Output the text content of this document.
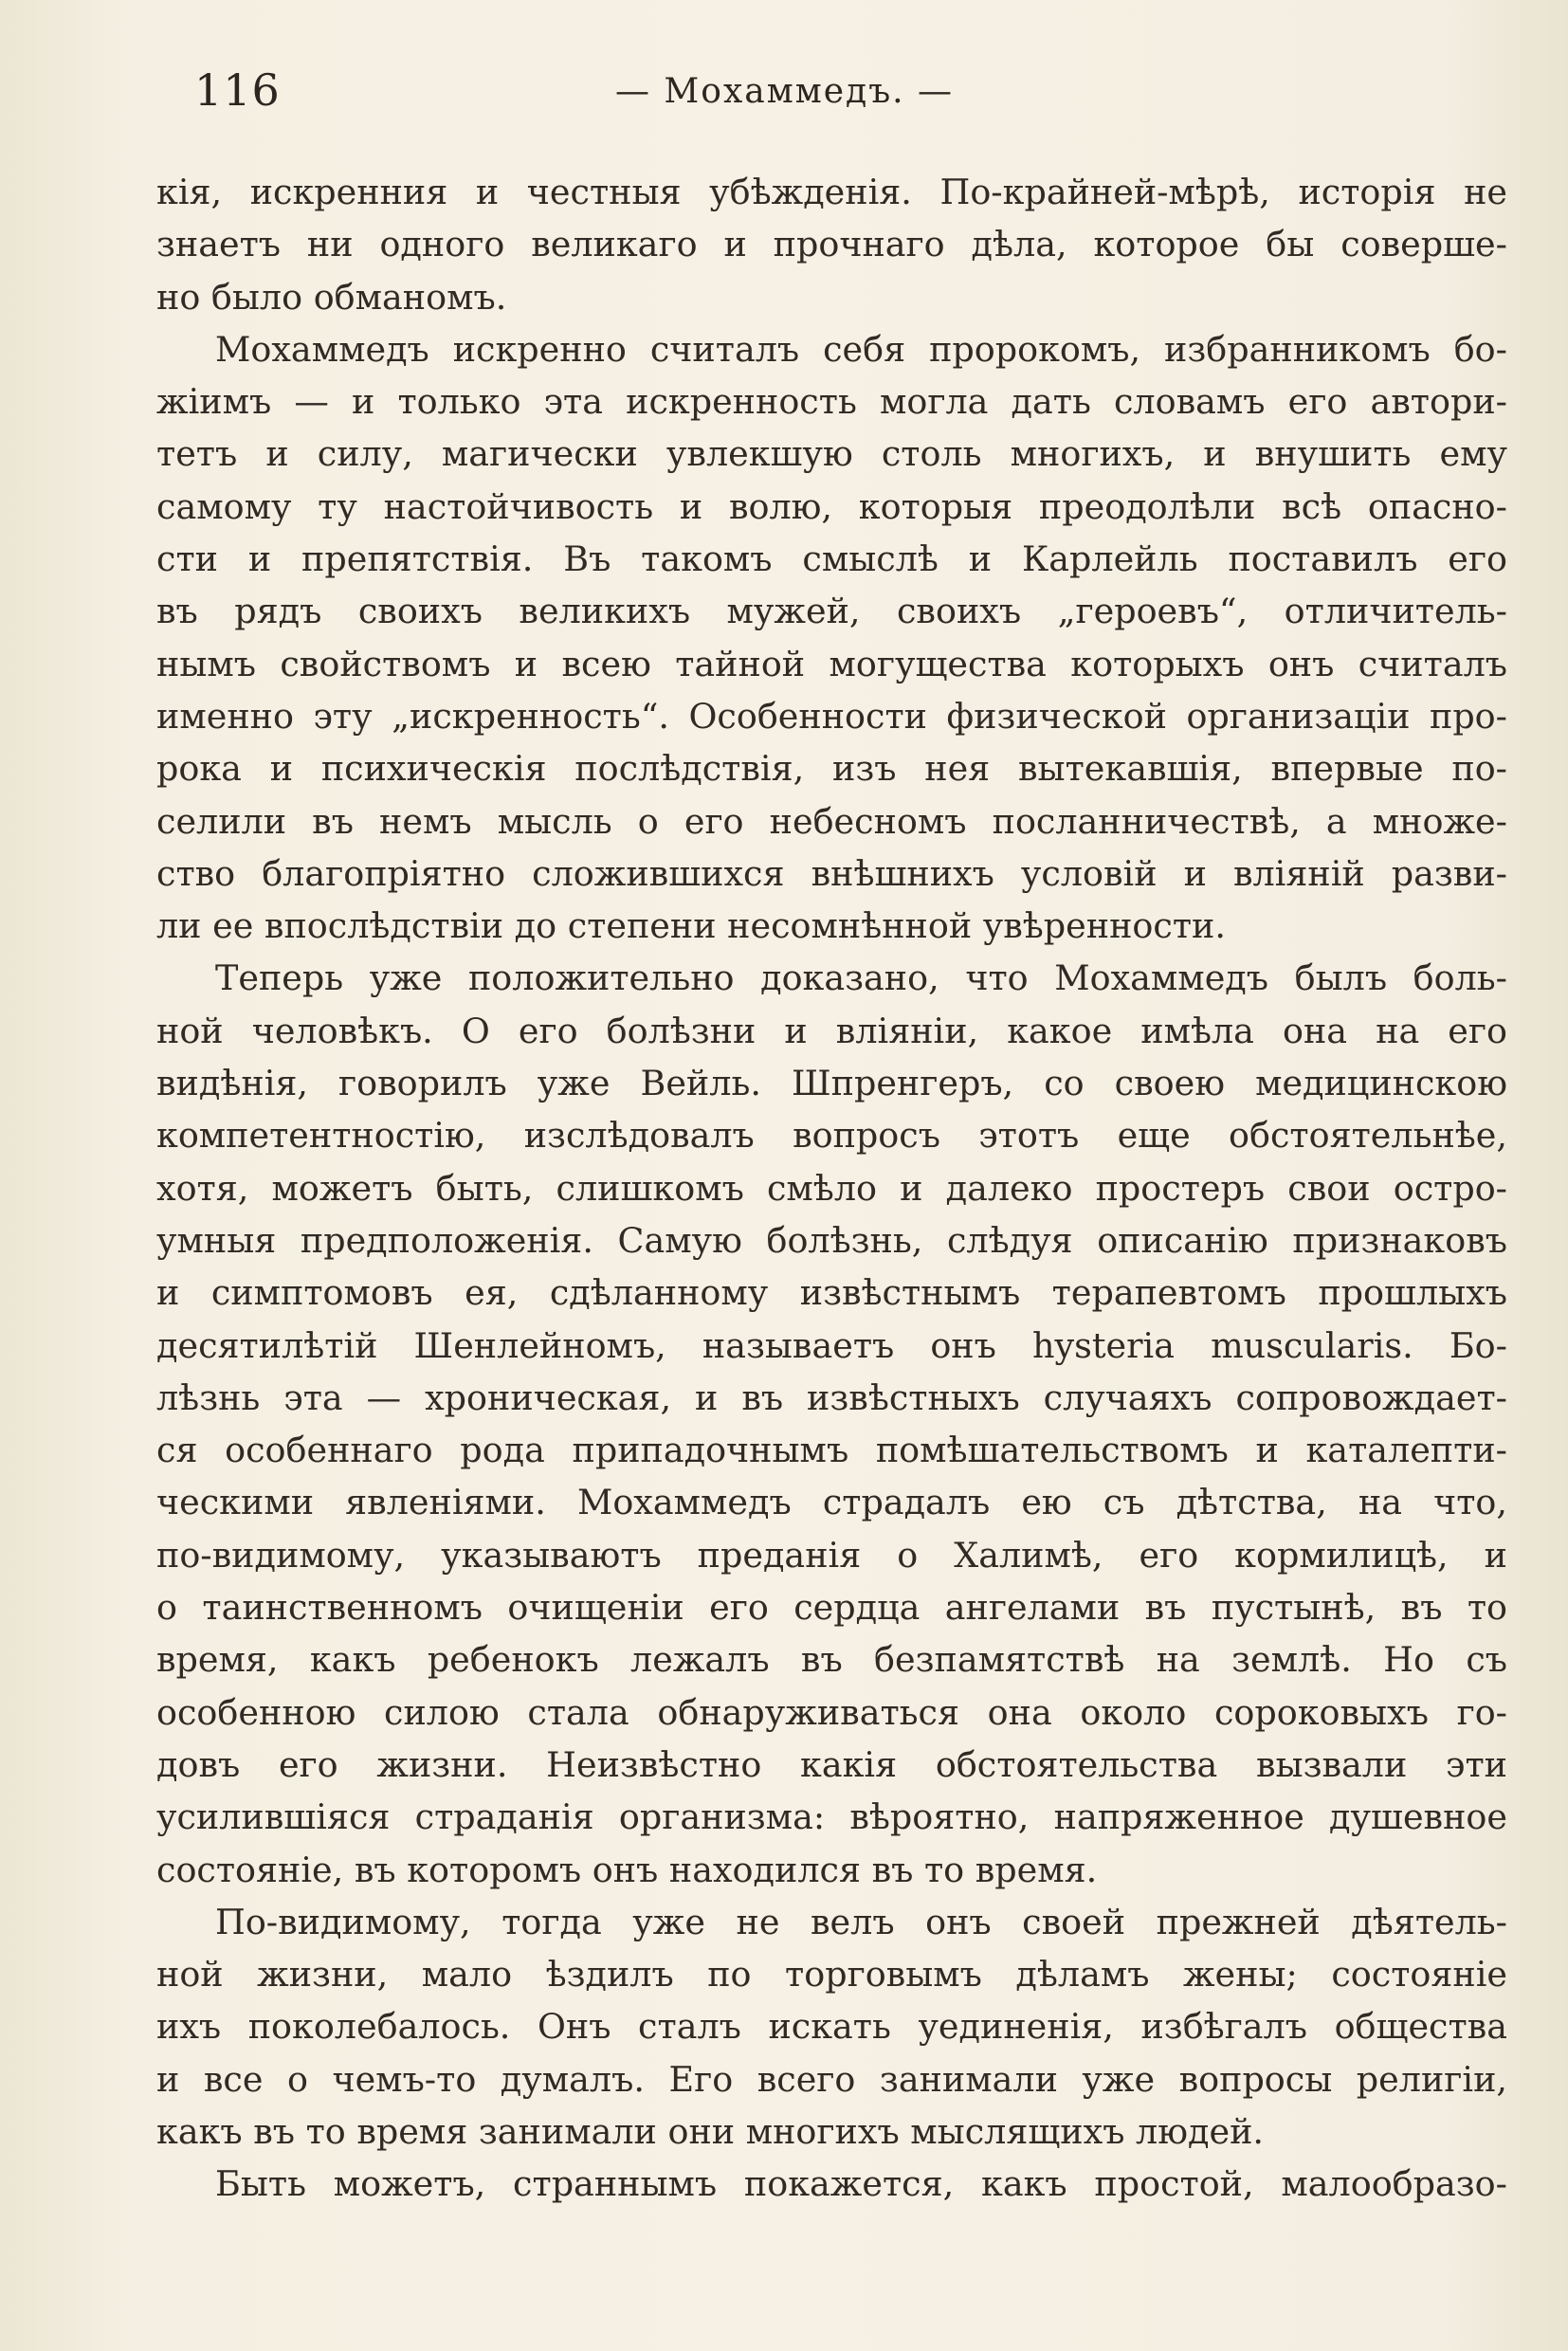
116	— Мохаммедъ. —
кія, искренния и честныя убѣжденія. По-крайней-мѣрѣ, исторія не
знаетъ ни одного великаго и прочнаго дѣла, которое бы соверше-
но было обманомъ.
Мохаммедъ искренно считалъ себя пророкомъ, избранникомъ бо-
жіимъ — и только эта искренность могла дать словамъ его автори-
тетъ и силу, магически увлекшую столь многихъ, и внушить ему
самому ту настойчивость и волю, которыя преодолѣли всѣ опасно-
сти и препятствія. Въ такомъ смыслѣ и Карлейль поставилъ его
въ рядъ своихъ великихъ мужей, своихъ „героевъ“, отличитель-
нымъ свойствомъ и всею тайной могущества которыхъ онъ считалъ
именно эту „искренность“. Особенности физической организаціи про-
рока и психическія послѣдствія, изъ нея вытекавшія, впервые по-
селили въ немъ мысль о его небесномъ посланничествѣ, а множе-
ство благопріятно сложившихся внѣшнихъ условій и вліяній разви-
ли ее впослѣдствіи до степени несомнѣнной увѣренности.
Теперь уже положительно доказано, что Мохаммедъ былъ боль-
ной человѣкъ. О его болѣзни и вліяніи, какое имѣла она на его
видѣнія, говорилъ уже Вейль. Шпренгеръ, со своею медицинскою
компетентностію, изслѣдовалъ вопросъ этотъ еще обстоятельнѣе,
хотя, можетъ быть, слишкомъ смѣло и далеко простеръ свои остро-
умныя предположенія. Самую болѣзнь, слѣдуя описанію признаковъ
и симптомовъ ея, сдѣланному извѣстнымъ терапевтомъ прошлыхъ
десятилѣтій Шенлейномъ, называетъ онъ hysteria muscularis. Бо-
лѣзнь эта — хроническая, и въ извѣстныхъ случаяхъ сопровождает-
ся особеннаго рода припадочнымъ помѣшательствомъ и каталепти-
ческими явленіями. Мохаммедъ страдалъ ею съ дѣтства, на что,
по-видимому, указываютъ преданія о Халимѣ, его кормилицѣ, и
о таинственномъ очищеніи его сердца ангелами въ пустынѣ, въ то
время, какъ ребенокъ лежалъ въ безпамятствѣ на землѣ. Но съ
особенною силою стала обнаруживаться она около сороковыхъ го-
довъ его жизни. Неизвѣстно какія обстоятельства вызвали эти
усилившіяся страданія организма: вѣроятно, напряженное душевное
состояніе, въ которомъ онъ находился въ то время.
По-видимому, тогда уже не велъ онъ своей прежней дѣятель-
ной жизни, мало ѣздилъ по торговымъ дѣламъ жены; состояніе
ихъ поколебалось. Онъ сталъ искать уединенія, избѣгалъ общества
и все о чемъ-то думалъ. Его всего занимали уже вопросы религіи,
какъ въ то время занимали они многихъ мыслящихъ людей.
Быть можетъ, страннымъ покажется, какъ простой, малообразо-
